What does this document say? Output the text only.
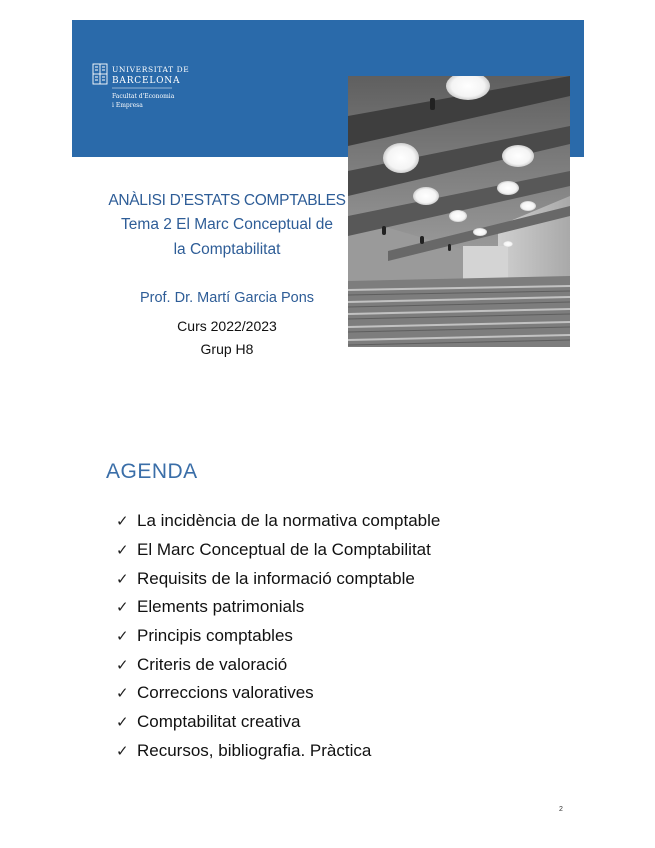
UNIVERSITAT DE
BARCELONA
Facultat d'Economia
i Empresa
ANÀLISI D’ESTATS COMPTABLES
Tema 2 El Marc Conceptual de
la Comptabilitat
Prof. Dr. Martí Garcia Pons
Curs 2022/2023
Grup H8
AGENDA
✓ La incidència de la normativa comptable
✓ El Marc Conceptual de la Comptabilitat
✓ Requisits de la informació comptable
✓ Elements patrimonials
✓ Principis comptables
✓ Criteris de valoració
✓ Correccions valoratives
✓ Comptabilitat creativa
✓ Recursos, bibliografia. Pràctica
2
